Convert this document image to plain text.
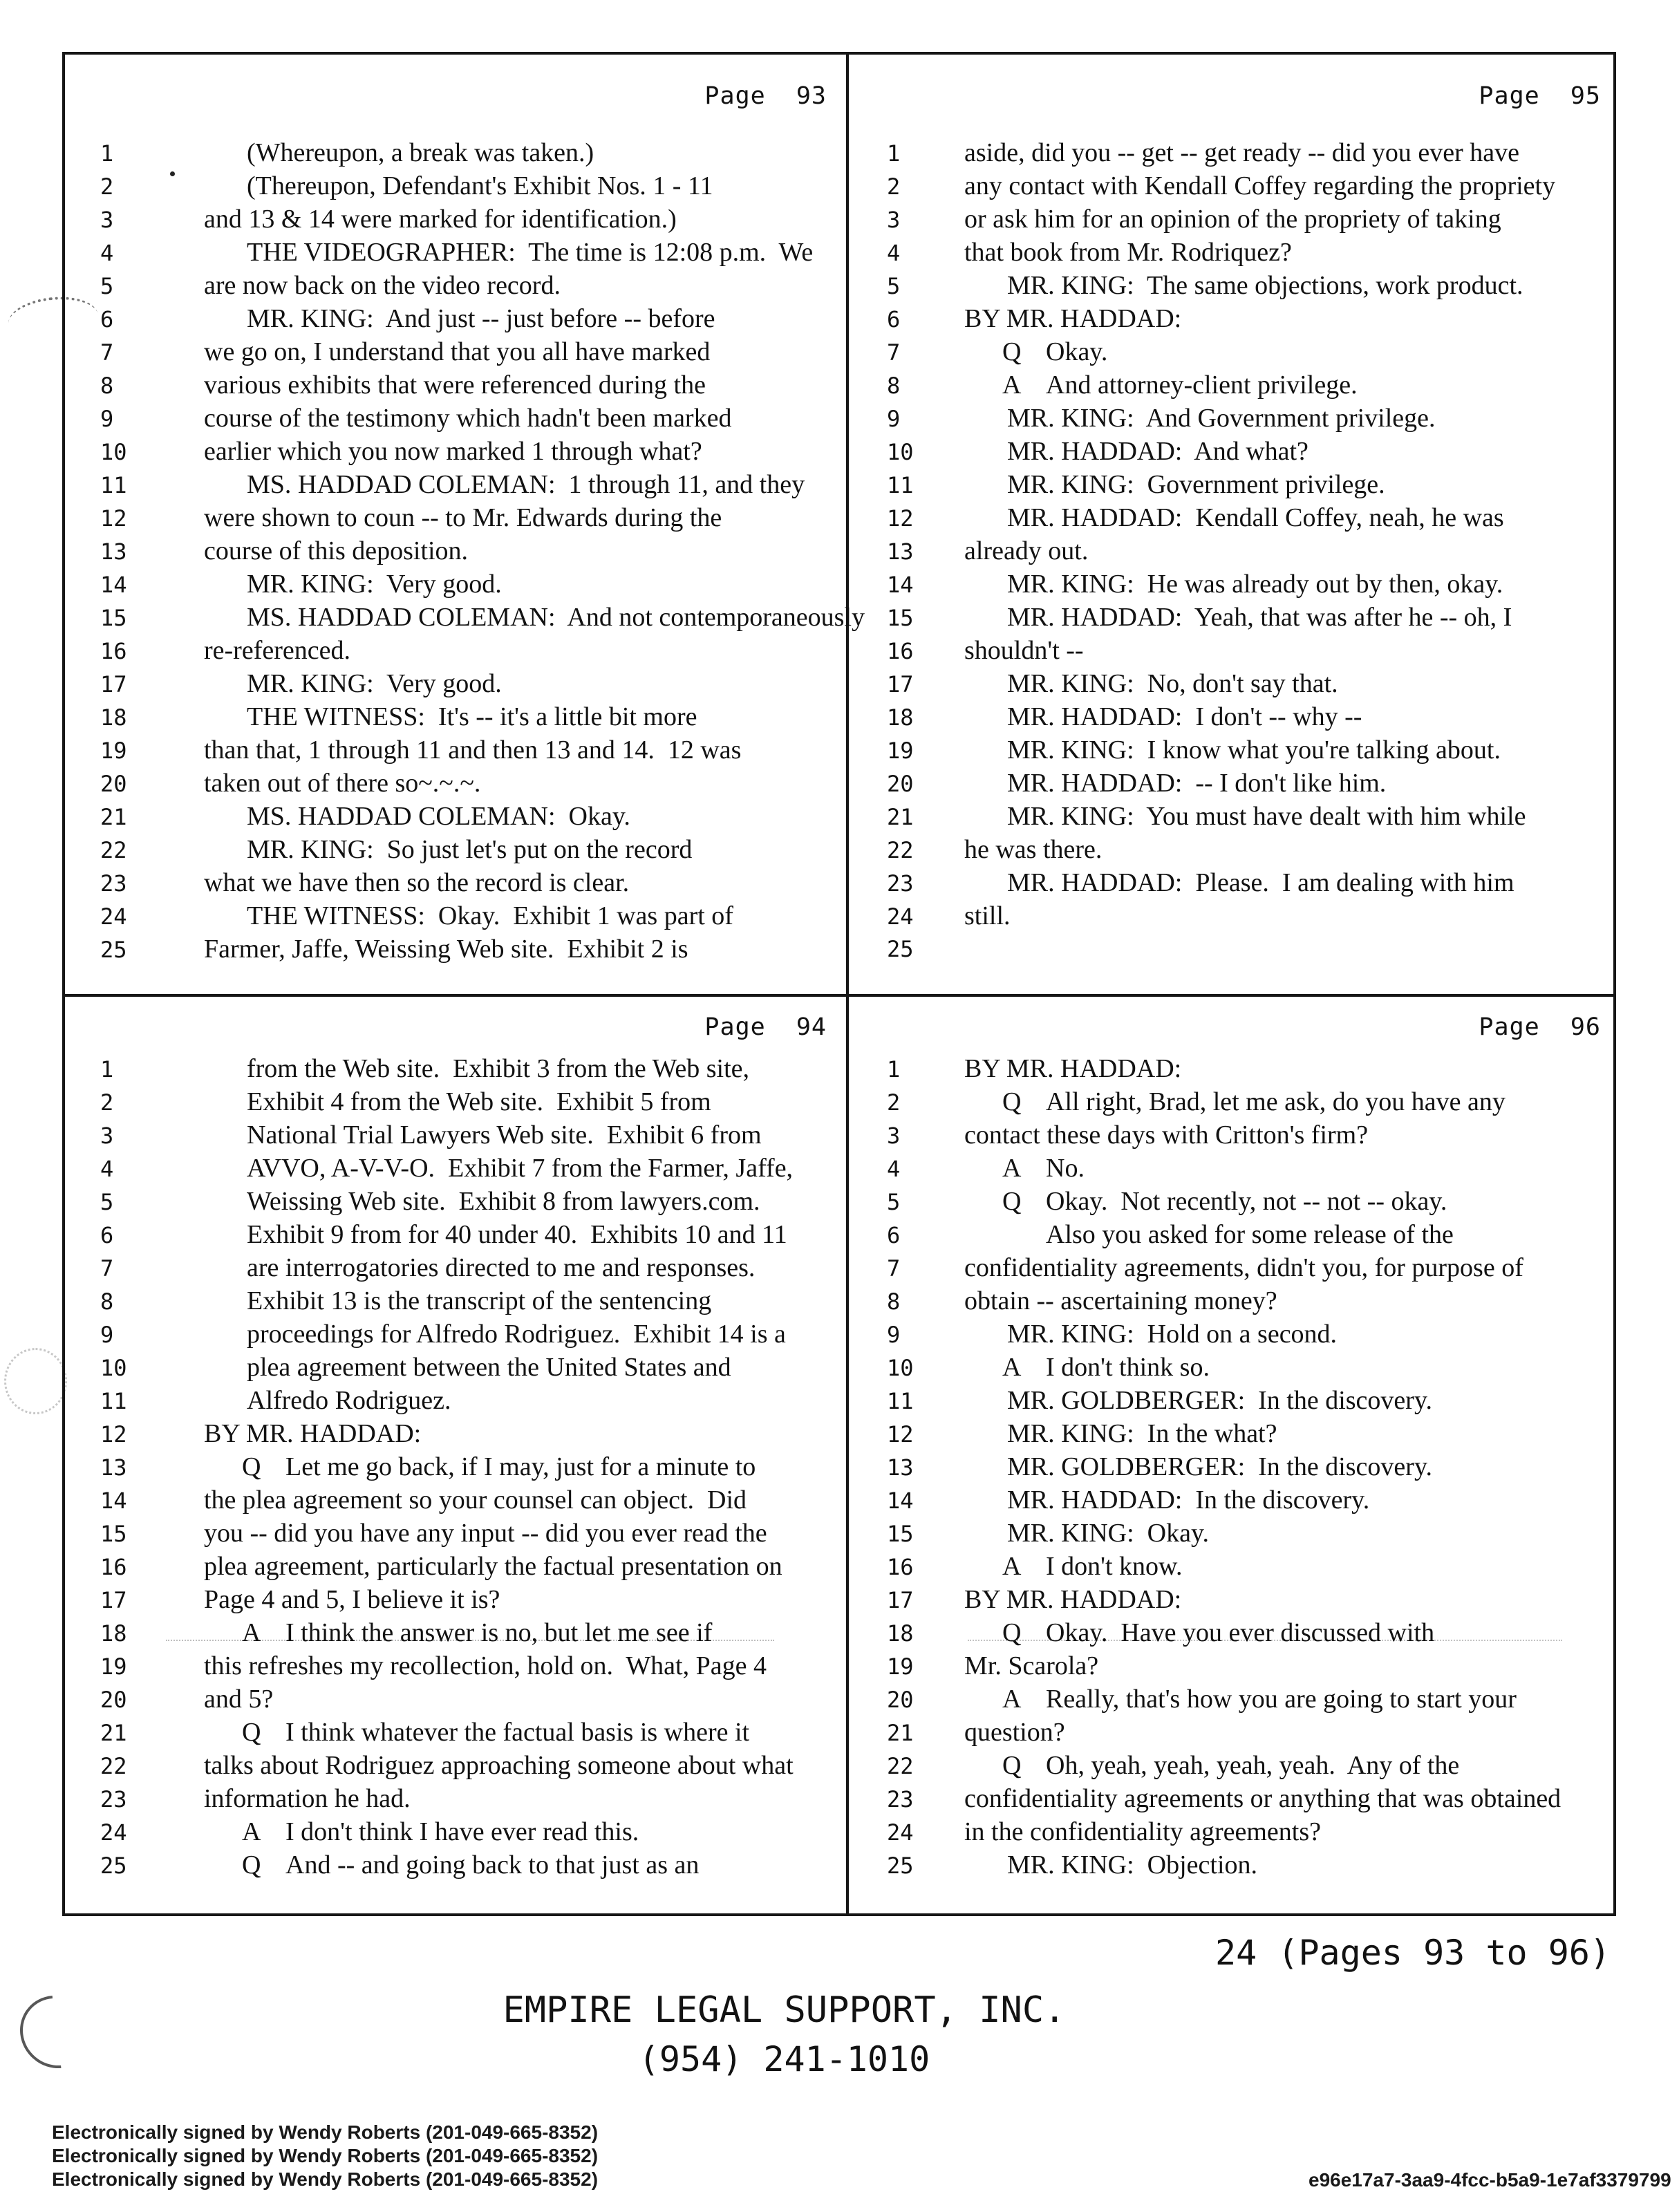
Page  93
1	(Whereupon, a break was taken.)
2	(Thereupon, Defendant's Exhibit Nos. 1 - 11
3	and 13 & 14 were marked for identification.)
4	THE VIDEOGRAPHER:  The time is 12:08 p.m.  We
5	are now back on the video record.
6	MR. KING:  And just -- just before -- before
7	we go on, I understand that you all have marked
8	various exhibits that were referenced during the
9	course of the testimony which hadn't been marked
10	earlier which you now marked 1 through what?
11	MS. HADDAD COLEMAN:  1 through 11, and they
12	were shown to coun -- to Mr. Edwards during the
13	course of this deposition.
14	MR. KING:  Very good.
15	MS. HADDAD COLEMAN:  And not contemporaneously
16	re-referenced.
17	MR. KING:  Very good.
18	THE WITNESS:  It's -- it's a little bit more
19	than that, 1 through 11 and then 13 and 14.  12 was
20	taken out of there so~.~.~.
21	MS. HADDAD COLEMAN:  Okay.
22	MR. KING:  So just let's put on the record
23	what we have then so the record is clear.
24	THE WITNESS:  Okay.  Exhibit 1 was part of
25	Farmer, Jaffe, Weissing Web site.  Exhibit 2 is
Page  95
1 aside, did you -- get -- get ready -- did you ever have
2 any contact with Kendall Coffey regarding the propriety
3 or ask him for an opinion of the propriety of taking
4 that book from Mr. Rodriquez?
5	MR. KING:  The same objections, work product.
6 BY MR. HADDAD:
7	Q Okay.
8	A And attorney-client privilege.
9	MR. KING:  And Government privilege.
10	MR. HADDAD:  And what?
11	MR. KING:  Government privilege.
12	MR. HADDAD:  Kendall Coffey, neah, he was
13 already out.
14	MR. KING:  He was already out by then, okay.
15	MR. HADDAD:  Yeah, that was after he -- oh, I
16 shouldn't --
17	MR. KING:  No, don't say that.
18	MR. HADDAD:  I don't -- why --
19	MR. KING:  I know what you're talking about.
20	MR. HADDAD:  -- I don't like him.
21	MR. KING:  You must have dealt with him while
22 he was there.
23	MR. HADDAD:  Please.  I am dealing with him
24 still.
25
Page  94
1	from the Web site.  Exhibit 3 from the Web site,
2	Exhibit 4 from the Web site.  Exhibit 5 from
3	National Trial Lawyers Web site.  Exhibit 6 from
4	AVVO, A-V-V-O.  Exhibit 7 from the Farmer, Jaffe,
5	Weissing Web site.  Exhibit 8 from lawyers.com.
6	Exhibit 9 from for 40 under 40.  Exhibits 10 and 11
7	are interrogatories directed to me and responses.
8	Exhibit 13 is the transcript of the sentencing
9	proceedings for Alfredo Rodriguez.  Exhibit 14 is a
10	plea agreement between the United States and
11	Alfredo Rodriguez.
12	BY MR. HADDAD:
13	Q Let me go back, if I may, just for a minute to
14	the plea agreement so your counsel can object.  Did
15	you -- did you have any input -- did you ever read the
16	plea agreement, particularly the factual presentation on
17	Page 4 and 5, I believe it is?
18	A I think the answer is no, but let me see if
19	this refreshes my recollection, hold on.  What, Page 4
20	and 5?
21	Q I think whatever the factual basis is where it
22	talks about Rodriguez approaching someone about what
23	information he had.
24	A I don't think I have ever read this.
25	Q And -- and going back to that just as an
Page  96
1 BY MR. HADDAD:
2	Q All right, Brad, let me ask, do you have any
3 contact these days with Critton's firm?
4	A No.
5	Q Okay.  Not recently, not -- not -- okay.
6	Also you asked for some release of the
7 confidentiality agreements, didn't you, for purpose of
8 obtain -- ascertaining money?
9	MR. KING:  Hold on a second.
10	A I don't think so.
11	MR. GOLDBERGER:  In the discovery.
12	MR. KING:  In the what?
13	MR. GOLDBERGER:  In the discovery.
14	MR. HADDAD:  In the discovery.
15	MR. KING:  Okay.
16	A I don't know.
17 BY MR. HADDAD:
18	Q Okay.  Have you ever discussed with
19 Mr. Scarola?
20	A Really, that's how you are going to start your
21 question?
22	Q Oh, yeah, yeah, yeah, yeah.  Any of the
23 confidentiality agreements or anything that was obtained
24 in the confidentiality agreements?
25	MR. KING:  Objection.
24 (Pages 93 to 96)
EMPIRE LEGAL SUPPORT, INC.
(954) 241-1010
Electronically signed by Wendy Roberts (201-049-665-8352)
Electronically signed by Wendy Roberts (201-049-665-8352)
Electronically signed by Wendy Roberts (201-049-665-8352)	e96e17a7-3aa9-4fcc-b5a9-1e7af3379799
